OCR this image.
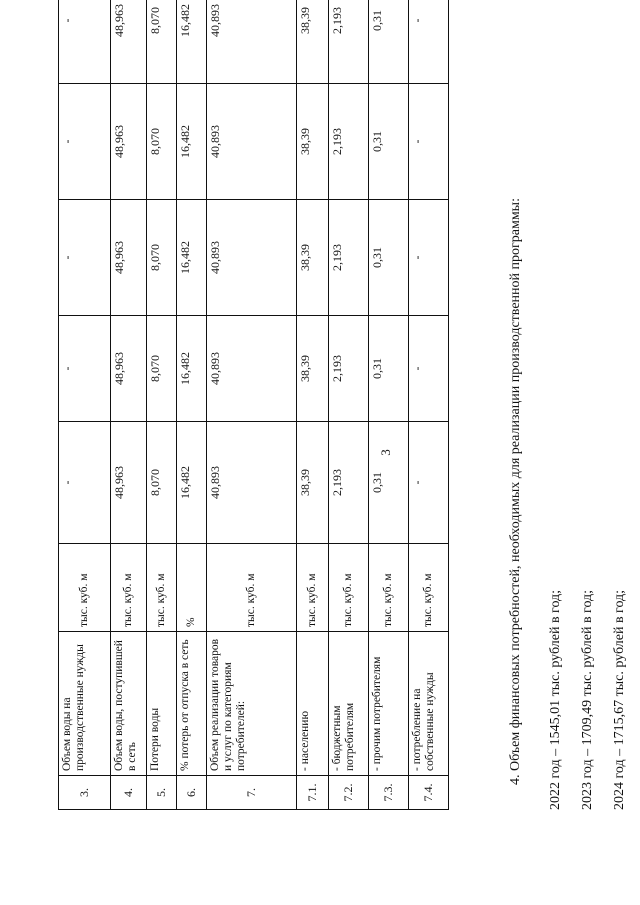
3
3.	Объем воды на производственные нужды	тыс. куб. м	-	-	-	-	-
4.	Объем воды, поступившей в сеть	тыс. куб. м	48,963	48,963	48,963	48,963	48,963
5.	Потери воды	тыс. куб. м	8,070	8,070	8,070	8,070	8,070
6.	% потерь от отпуска в сеть	%	16,482	16,482	16,482	16,482	16,482
7.	Объем реализации товаров и услуг по категориям потребителей:	тыс. куб. м	40,893	40,893	40,893	40,893	40,893
7.1.	- населению	тыс. куб. м	38,39	38,39	38,39	38,39	38,39
7.2.	- бюджетным потребителям	тыс. куб. м	2,193	2,193	2,193	2,193	2,193
7.3.	- прочим потребителям	тыс. куб. м	0,31	0,31	0,31	0,31	0,31
7.4.	- потребление на собственные нужды	тыс. куб. м	-	-	-	-	-
4. Объем финансовых потребностей, необходимых для реализации производственной программы: 2022 год – 1545,01 тыс. рублей в год; 2023 год – 1709,49 тыс. рублей в год; 2024 год – 1715,67 тыс. рублей в год;
